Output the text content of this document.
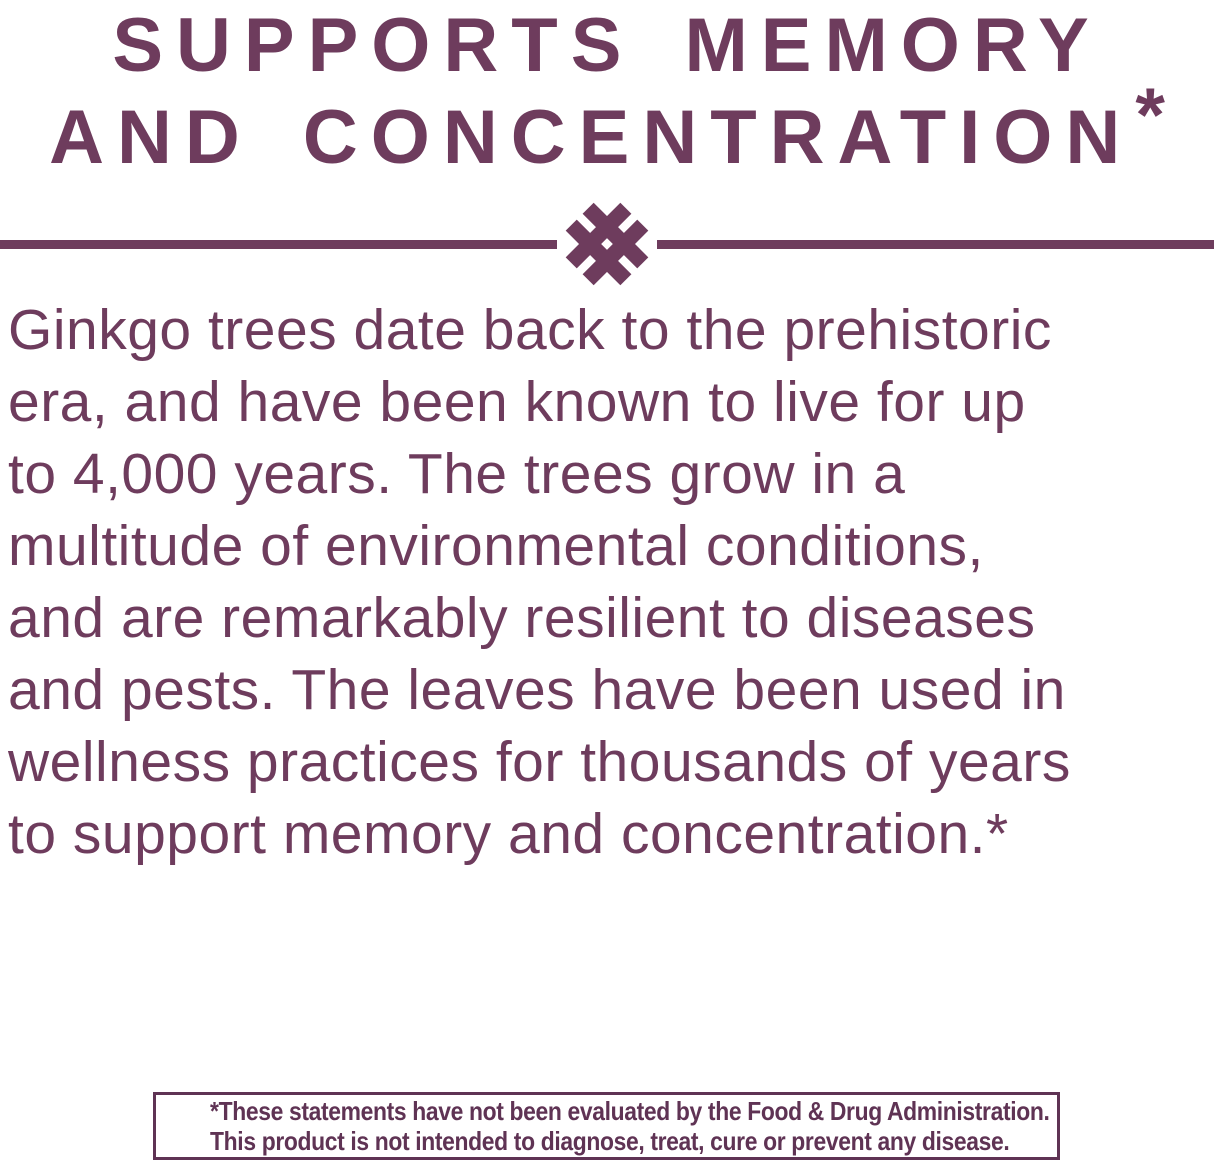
SUPPORTS MEMORY
AND CONCENTRATION*
Ginkgo trees date back to the prehistoric
era, and have been known to live for up
to 4,000 years. The trees grow in a
multitude of environmental conditions,
and are remarkably resilient to diseases
and pests. The leaves have been used in
wellness practices for thousands of years
to support memory and concentration.*
*These statements have not been evaluated by the Food & Drug Administration.
This product is not intended to diagnose, treat, cure or prevent any disease.
